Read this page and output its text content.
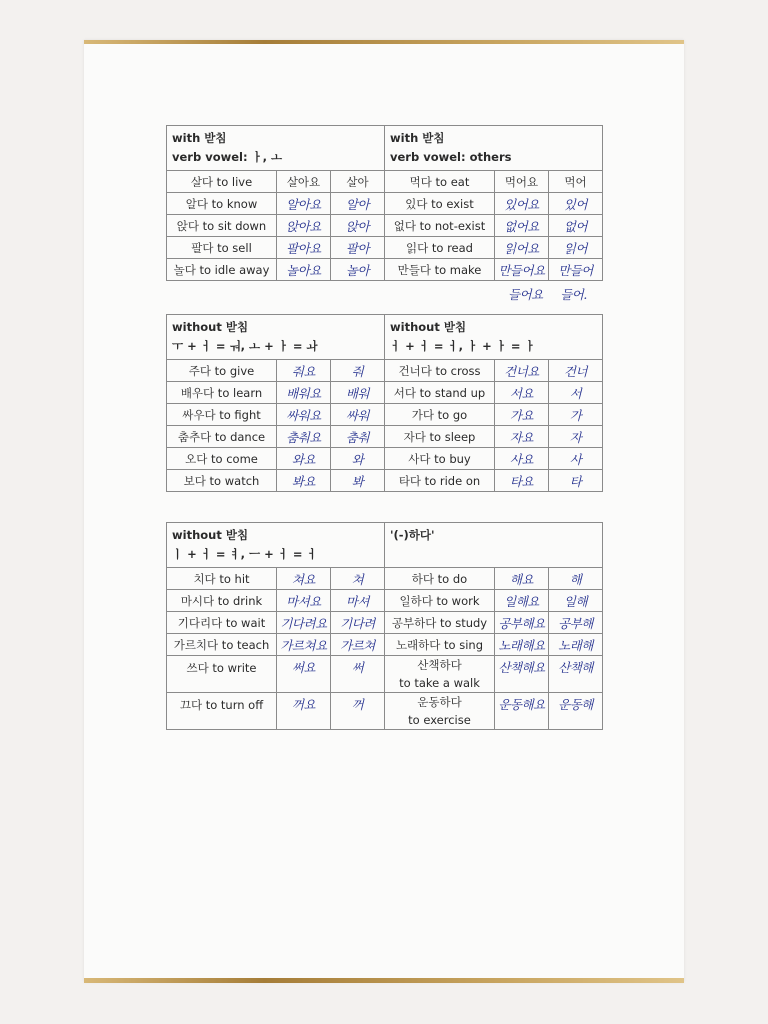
with 받침
verb vowel: ㅏ, ㅗ			with 받침
verb vowel: others		

살다 to live	살아요	살아	먹다 to eat	먹어요	먹어
알다 to know	알아요	알아	있다 to exist	있어요	있어
앉다 to sit down	앉아요	앉아	없다 to not-exist	없어요	없어
팔다 to sell	팔아요	팔아	읽다 to read	읽어요	읽어
놀다 to idle away	놀아요	놀아	만들다 to make	만들어요	만들어
들어요 들어.
without 받침
ㅜ + ㅓ = ㅝ, ㅗ + ㅏ = ㅘ			without 받침
ㅓ + ㅓ = ㅓ, ㅏ + ㅏ = ㅏ		

주다 to give	줘요	줘	건너다 to cross	건너요	건너
배우다 to learn	배워요	배워	서다 to stand up	서요	서
싸우다 to fight	싸워요	싸워	가다 to go	가요	가
춤추다 to dance	춤춰요	춤춰	자다 to sleep	자요	자
오다 to come	와요	와	사다 to buy	사요	사
보다 to watch	봐요	봐	타다 to ride on	타요	타
without 받침
ㅣ + ㅓ = ㅕ, ㅡ + ㅓ = ㅓ			'(-)하다'		

치다 to hit	쳐요	쳐	하다 to do	해요	해
마시다 to drink	마셔요	마셔	일하다 to work	일해요	일해
기다리다 to wait	기다려요	기다려	공부하다 to study	공부해요	공부해
가르치다 to teach	가르쳐요	가르쳐	노래하다 to sing	노래해요	노래해
쓰다 to write	써요	써	산책하다
to take a walk	산책해요	산책해
끄다 to turn off	꺼요	꺼	운동하다
to exercise	운동해요	운동해
